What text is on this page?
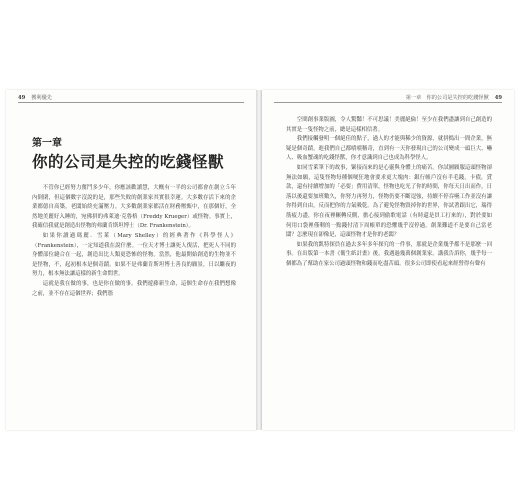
49 獲利優先
第一章
你的公司是失控的吃錢怪獸

不管你已經努力奮鬥多少年，你應該歡讀慧，大概有一半的公司都會在創立５年內倒閉，但這個數字沒說的是，那些失敗的創業家其實很幸運。大多數存活下來的企業都億自高築，老闆始終充滿壓力。大多數創業家都活在財務壓甄中，在那個好，全然地美麗好入睡的，宛佛拼的弗萊迪·克魯格（Freddy Krueger）或怪物。事實上，我確信我就是創造出怪物的弗蘭肯斯坦博士（Dr. Frankenstein）。

如果你讀過瑪麗．雪萊（Mary Shelley）的經典著作《科學怪人》（Frankenstein），一定知道我在說什麼。一位天才博士讓死人復活，把死人不同的身體部位縫合在一起，創造出比人類更恐怖的怪物。當然，他最開始創造的生物並不是怪物，不，起初根本是個奇蹟。如果不是弗蘭肯斯坦博士善良的願景，日以繼夜的努力，根本無法讓這樣的新生命問世。

這就是我在做的事，也是你在做的事。我們遊藤新生命，這個生命存在我們想像之前，並不存在這個世界；我們憑

第一章　你的公司是失控的吃錢怪獸 49

空間創事業版圖，令人驚豔！不可思議！美麗絕倫！至少在我們盡讓到自己創造的其實是一隻怪物之前，總是這樣相信著。

我們接觸發明一個絕佳的點子，過人的才能與稀少的資源，就拼搗出一間企業，無疑是個奇蹟，進我們自己都嘖嘖稱奇，直到有一天你發現自己的公司變成一頭巨大、嚇人、吸血蟹魂的吃錢怪獸，你才意識到自己也成為科學怪人。

如同雪萊筆下的故事，緊接而來的是心靈與身體上的痛苦。你試圖願服這頭怪物卻無法如願，這隻怪物每種個哽狂地會要求更大塊肉：銀行帳戶沒有半毛錢，卡債，貸款，還有持續增加的「必要」費用清單，怪物也吃光了你的時間，你每天日出而作，日落以後還要加班數久，你努力再努力，怪物仍要不斷逞強，持續不停吞嚥工作並沒有讓你得到自由，反而把你的力氣吸乾。為了避免怪物毀掉你的世界，你試著跟出它，瑞得筋疲力盡，你在夜裡輾轉反側，擔心接到偷歌電話（有時還是員工打來的），對於要如何用口袋裡僅剩的一點錢付清下周帳單的恐懼幾乎沒停過。創業難道不是要自己當老闆？怎麼現在卻像是，這頭怪物才是你的老闆？

如果我的凱特探員在過去多年多年探究的一件事，那就是企業幾乎都不是那麼一回事。在出版第一本書《衛生紙計畫》後，我遇過幾萬個創業家。講我告訴你，幾乎每一個都為了幫助在家公司過頭怪物和錢而吃盡苦頭。很多公司即使看起來經營得有聲有
